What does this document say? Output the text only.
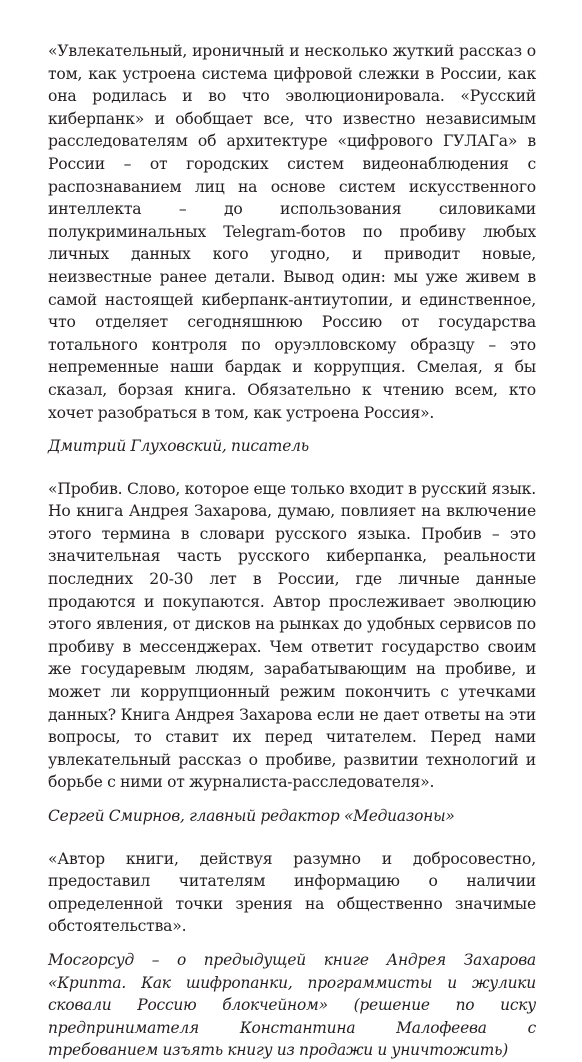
«Увлекательный, ироничный и несколько жуткий рассказ о том, как устроена система цифровой слежки в России, как она родилась и во что эволюционировала. «Русский киберпанк» и обобщает все, что известно независимым расследователям об архитектуре «цифрового ГУЛАГа» в России – от городских систем видеонаблюдения с распознаванием лиц на основе систем искусственного интеллекта – до использования силовиками полукриминальных Telegram-ботов по пробиву любых личных данных кого угодно, и приводит новые, неизвестные ранее детали. Вывод один: мы уже живем в самой настоящей киберпанк-антиутопии, и единственное, что отделяет сегодняшнюю Россию от государства тотального контроля по оруэлловскому образцу – это непременные наши бардак и коррупция. Смелая, я бы сказал, борзая книга. Обязательно к чтению всем, кто хочет разобраться в том, как устроена Россия».

Дмитрий Глуховский, писатель

«Пробив. Слово, которое еще только входит в русский язык. Но книга Андрея Захарова, думаю, повлияет на включение этого термина в словари русского языка. Пробив – это значительная часть русского киберпанка, реальности последних 20-30 лет в России, где личные данные продаются и покупаются. Автор прослеживает эволюцию этого явления, от дисков на рынках до удобных сервисов по пробиву в мессенджерах. Чем ответит государство своим же государевым людям, зарабатывающим на пробиве, и может ли коррупционный режим покончить с утечками данных? Книга Андрея Захарова если не дает ответы на эти вопросы, то ставит их перед читателем. Перед нами увлекательный рассказ о пробиве, развитии технологий и борьбе с ними от журналиста-расследователя».

Сергей Смирнов, главный редактор «Медиазоны»

«Автор книги, действуя разумно и добросовестно, предоставил читателям информацию о наличии определенной точки зрения на общественно значимые обстоятельства».

Мосгорсуд – о предыдущей книге Андрея Захарова «Крипта. Как шифропанки, программисты и жулики сковали Россию блокчейном» (решение по иску предпринимателя Константина Малофеева с требованием изъять книгу из продажи и уничтожить)
